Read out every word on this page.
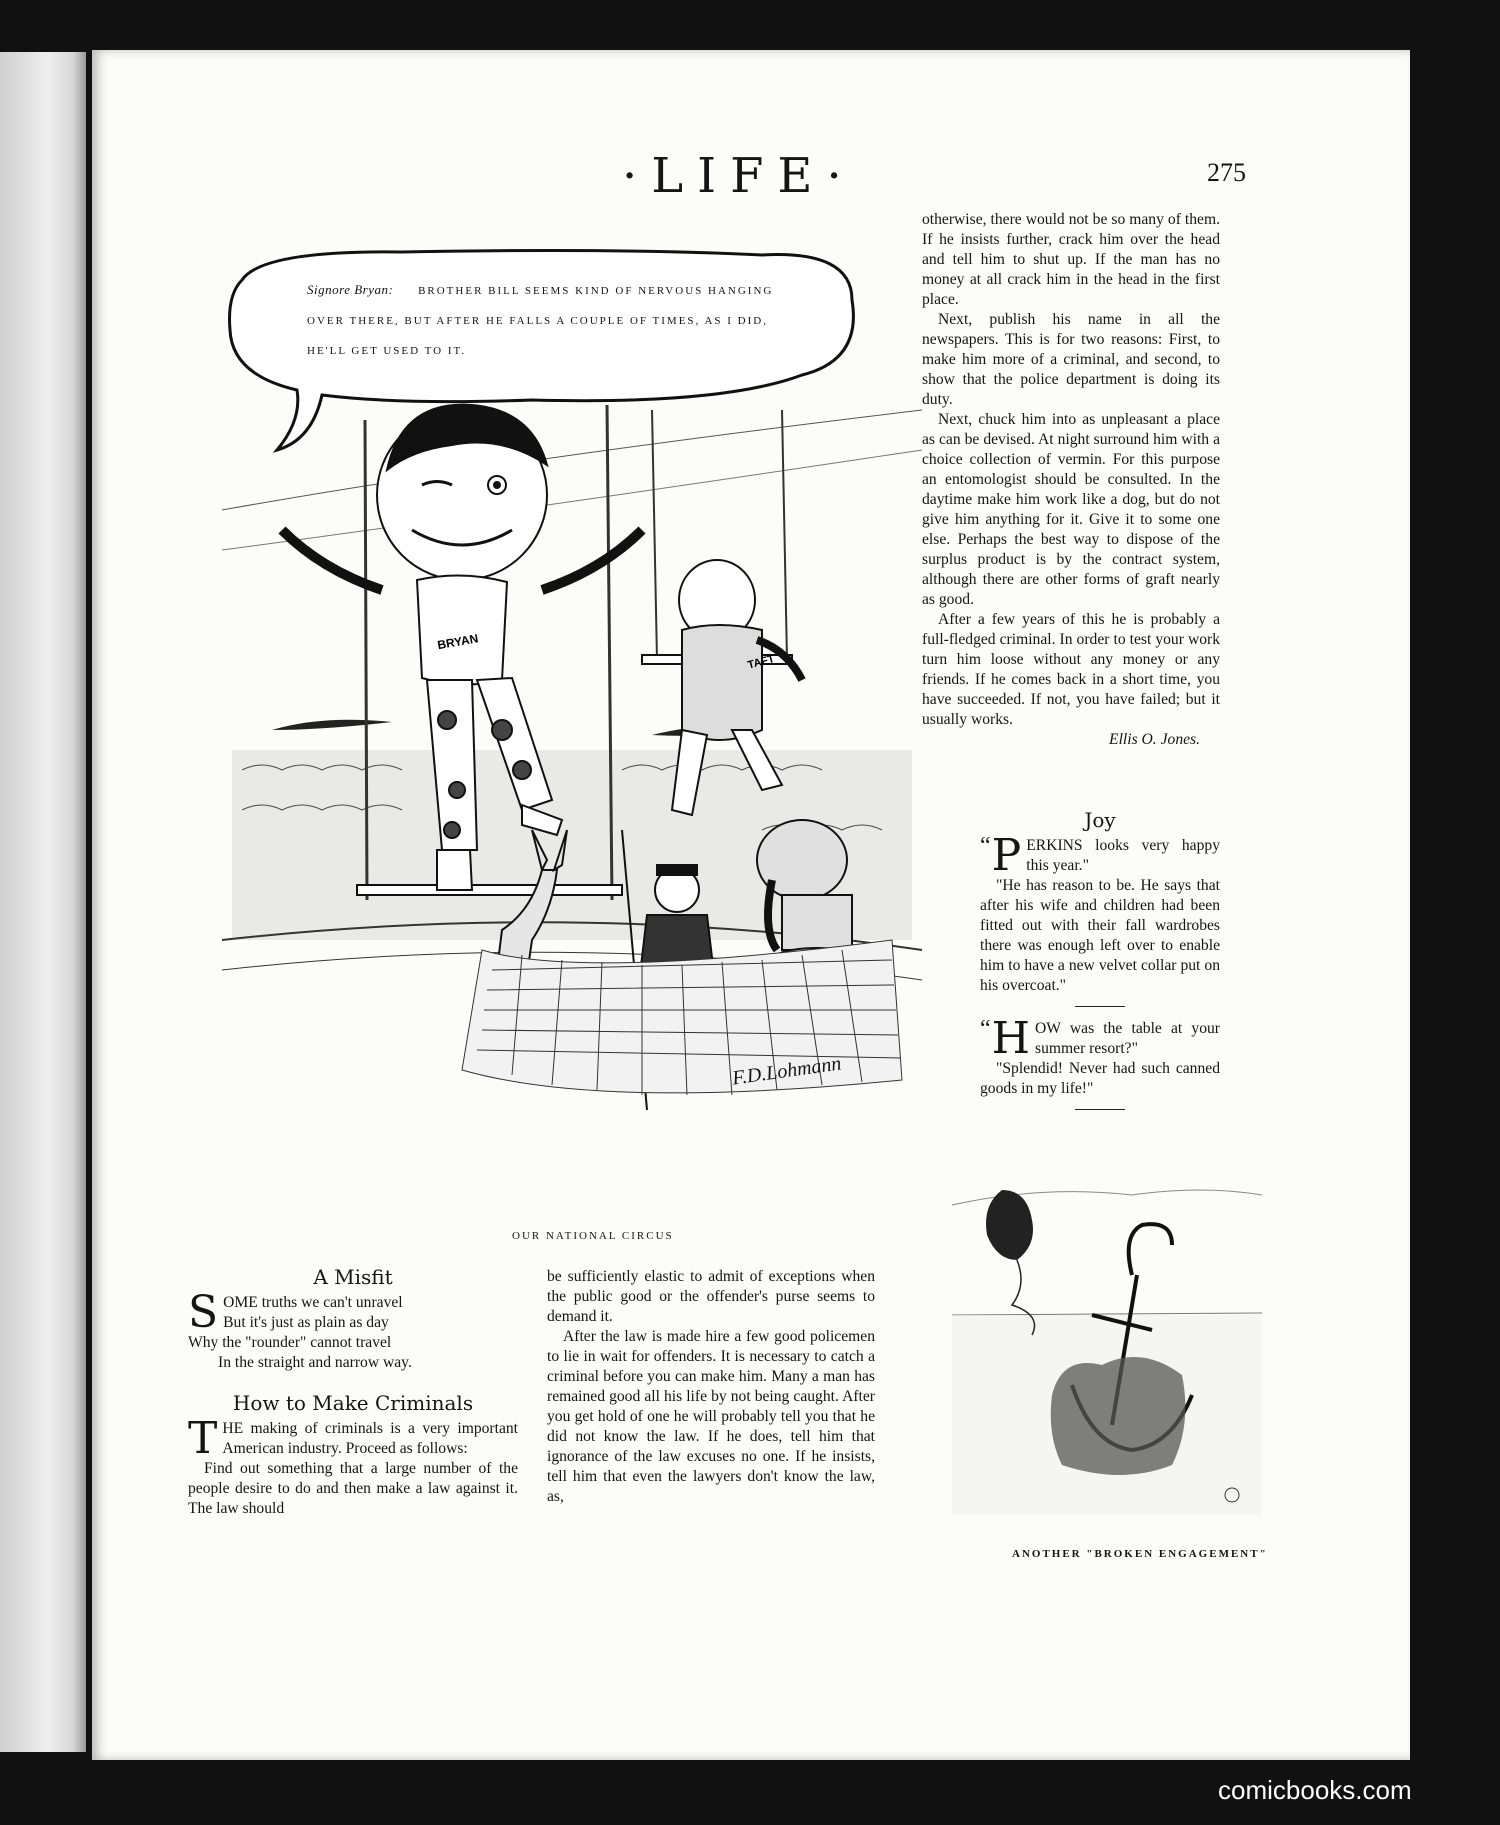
·LIFE·	275
BRYAN
TAFT
Signore Bryan: BROTHER BILL SEEMS KIND OF NERVOUS HANGING
OVER THERE, BUT AFTER HE FALLS A COUPLE OF TIMES, AS I DID,
HE'LL GET USED TO IT.
F.D.Lohmann
OUR NATIONAL CIRCUS

otherwise, there would not be so many of them. If he insists further, crack him over the head and tell him to shut up. If the man has no money at all crack him in the head in the first place.

Next, publish his name in all the newspapers. This is for two reasons: First, to make him more of a criminal, and second, to show that the police department is doing its duty.

Next, chuck him into as unpleasant a place as can be devised. At night surround him with a choice collection of vermin. For this purpose an entomologist should be consulted. In the daytime make him work like a dog, but do not give him anything for it. Give it to some one else. Perhaps the best way to dispose of the surplus product is by the contract system, although there are other forms of graft nearly as good.

After a few years of this he is probably a full-fledged criminal. In order to test your work turn him loose without any money or any friends. If he comes back in a short time, you have succeeded. If not, you have failed; but it usually works.

Ellis O. Jones.
Joy
“ P ERKINS looks very happy this year."

"He has reason to be. He says that after his wife and children had been fitted out with their fall wardrobes there was enough left over to enable him to have a new velvet collar put on his overcoat."

“ H OW was the table at your summer resort?"

"Splendid! Never had such canned goods in my life!"

ANOTHER "BROKEN ENGAGEMENT"
A Misfit
S OME truths we can't unravel
But it's just as plain as day
Why the "rounder" cannot travel
In the straight and narrow way.
How to Make Criminals
T HE making of criminals is a very important American industry. Proceed as follows:

Find out something that a large number of the people desire to do and then make a law against it. The law should

be sufficiently elastic to admit of exceptions when the public good or the offender's purse seems to demand it.

After the law is made hire a few good policemen to lie in wait for offenders. It is necessary to catch a criminal before you can make him. Many a man has remained good all his life by not being caught. After you get hold of one he will probably tell you that he did not know the law. If he does, tell him that ignorance of the law excuses no one. If he insists, tell him that even the lawyers don't know the law, as,

comicbooks.com
